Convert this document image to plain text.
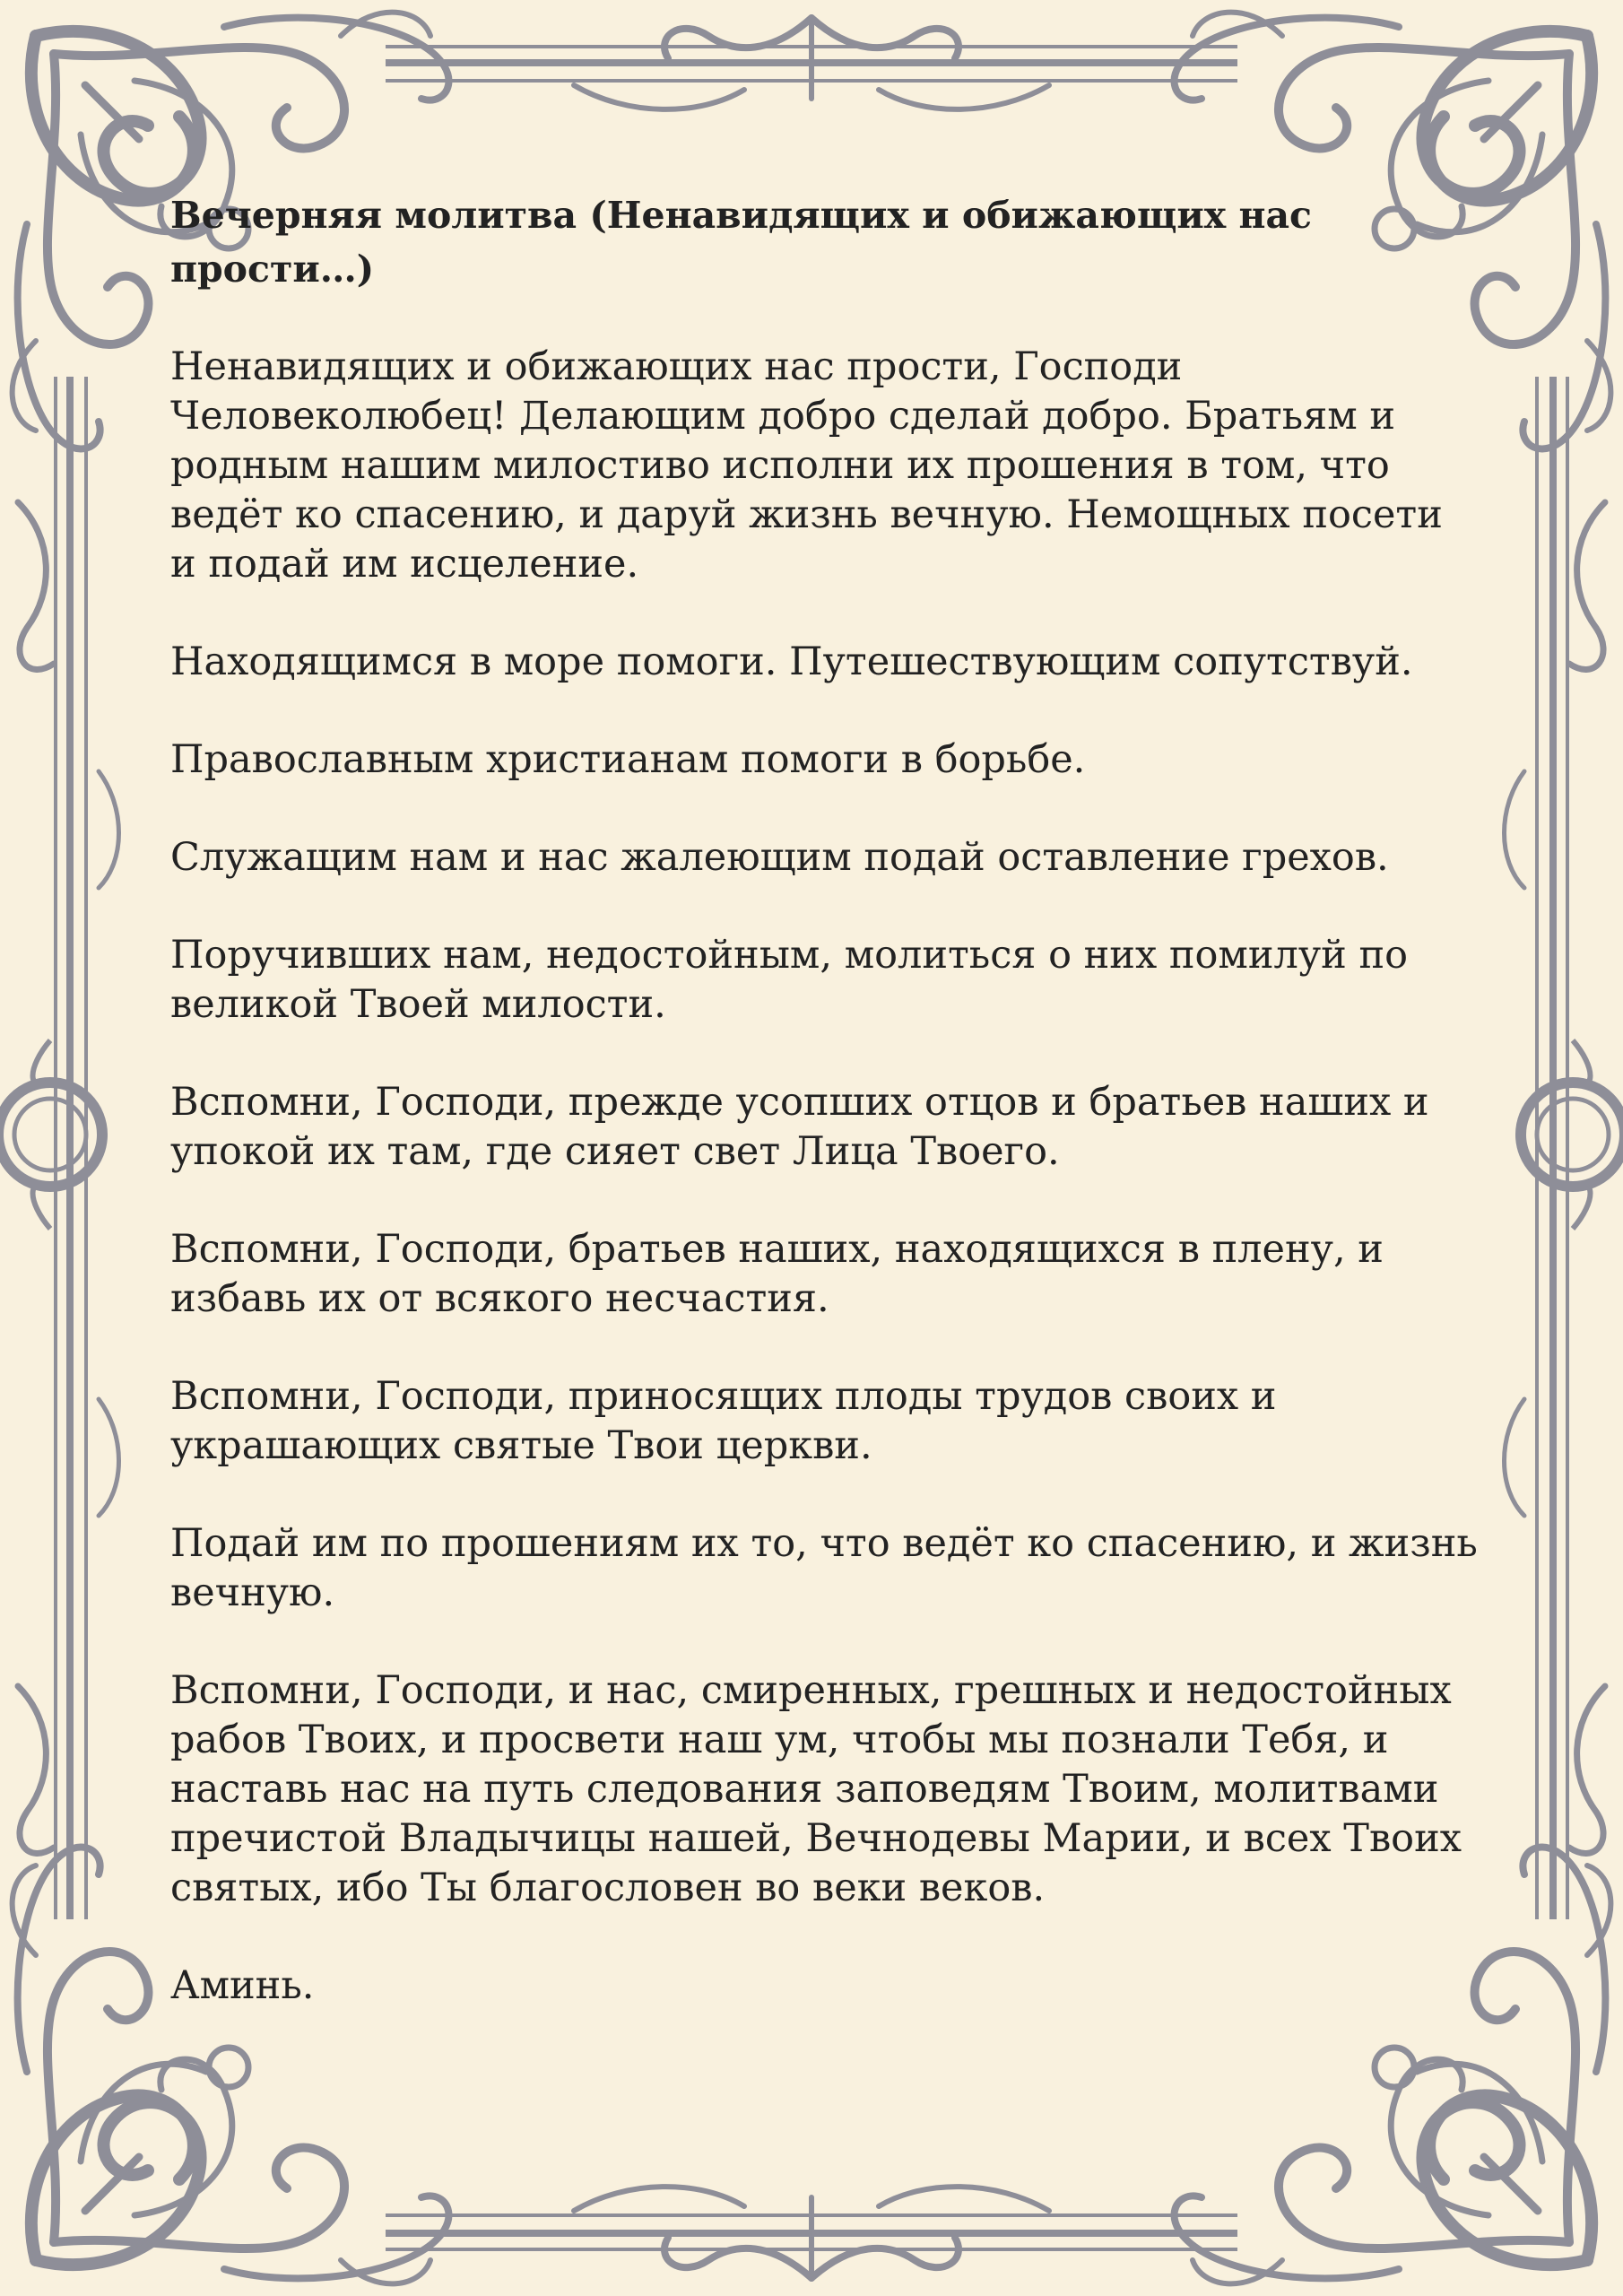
Вечерняя молитва (Ненавидящих и обижающих нас прости…)
Ненавидящих и обижающих нас прости, Господи Человеколюбец! Делающим добро сделай добро. Братьям и родным нашим милостиво исполни их прошения в том, что ведёт ко спасению, и даруй жизнь вечную. Немощных посети и подай им исцеление.
Находящимся в море помоги. Путешествующим сопутствуй.
Православным христианам помоги в борьбе.
Служащим нам и нас жалеющим подай оставление грехов.
Поручивших нам, недостойным, молиться о них помилуй по великой Твоей милости.
Вспомни, Господи, прежде усопших отцов и братьев наших и упокой их там, где сияет свет Лица Твоего.
Вспомни, Господи, братьев наших, находящихся в плену, и избавь их от всякого несчастия.
Вспомни, Господи, приносящих плоды трудов своих и украшающих святые Твои церкви.
Подай им по прошениям их то, что ведёт ко спасению, и жизнь вечную.
Вспомни, Господи, и нас, смиренных, грешных и недостойных рабов Твоих, и просвети наш ум, чтобы мы познали Тебя, и наставь нас на путь следования заповедям Твоим, молитвами пречистой Владычицы нашей, Вечнодевы Марии, и всех Твоих святых, ибо Ты благословен во веки веков.
Аминь.
